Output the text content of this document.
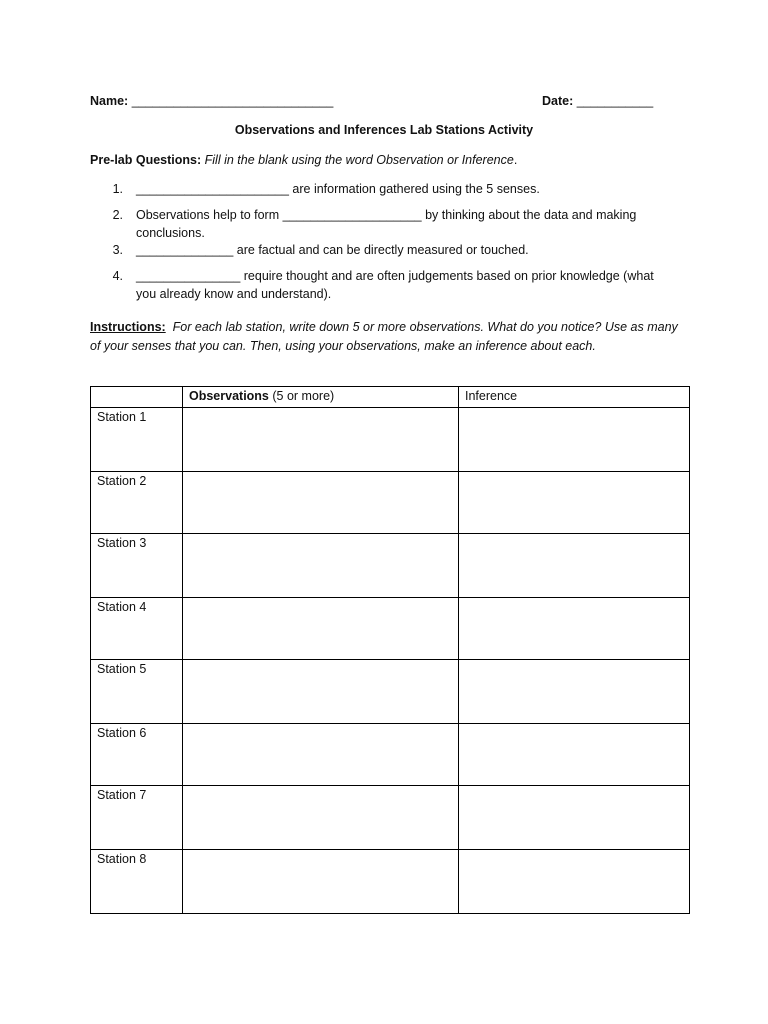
Name: _____________________________	Date: ___________
Observations and Inferences Lab Stations Activity
Pre-lab Questions: Fill in the blank using the word Observation or Inference.
1. ______________________ are information gathered using the 5 senses.
2. Observations help to form ____________________ by thinking about the data and making
conclusions.
3. ______________ are factual and can be directly measured or touched.
4. _______________ require thought and are often judgements based on prior knowledge (what
you already know and understand).
Instructions: For each lab station, write down 5 or more observations. What do you notice? Use as many
of your senses that you can. Then, using your observations, make an inference about each.
	Observations (5 or more)	Inference
Station 1		
Station 2		
Station 3		
Station 4		
Station 5		
Station 6		
Station 7		
Station 8		
